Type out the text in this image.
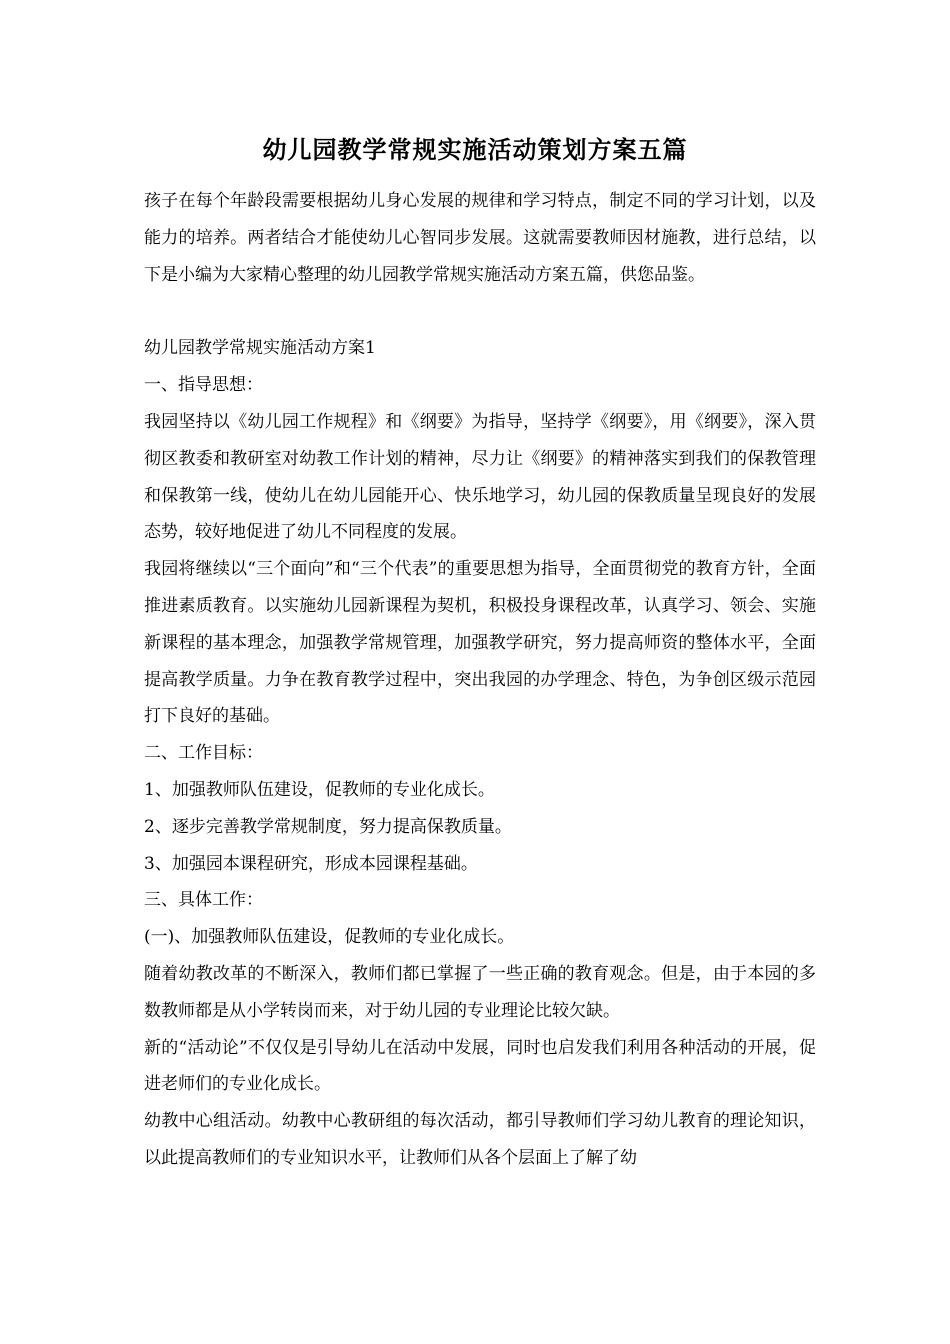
幼儿园教学常规实施活动策划方案五篇

孩子在每个年龄段需要根据幼儿身心发展的规律和学习特点，制定不同的学习计划，以及能力的培养。两者结合才能使幼儿心智同步发展。这就需要教师因材施教，进行总结，以下是小编为大家精心整理的幼儿园教学常规实施活动方案五篇，供您品鉴。

幼儿园教学常规实施活动方案1

一、指导思想：

我园坚持以《幼儿园工作规程》和《纲要》为指导，坚持学《纲要》，用《纲要》，深入贯彻区教委和教研室对幼教工作计划的精神，尽力让《纲要》的精神落实到我们的保教管理和保教第一线，使幼儿在幼儿园能开心、快乐地学习，幼儿园的保教质量呈现良好的发展态势，较好地促进了幼儿不同程度的发展。

我园将继续以“三个面向”和“三个代表”的重要思想为指导，全面贯彻党的教育方针，全面推进素质教育。以实施幼儿园新课程为契机，积极投身课程改革，认真学习、领会、实施新课程的基本理念，加强教学常规管理，加强教学研究，努力提高师资的整体水平，全面提高教学质量。力争在教育教学过程中，突出我园的办学理念、特色，为争创区级示范园打下良好的基础。

二、工作目标：

1、加强教师队伍建设，促教师的专业化成长。

2、逐步完善教学常规制度，努力提高保教质量。

3、加强园本课程研究，形成本园课程基础。

三、具体工作：

(一)、加强教师队伍建设，促教师的专业化成长。

随着幼教改革的不断深入，教师们都已掌握了一些正确的教育观念。但是，由于本园的多数教师都是从小学转岗而来，对于幼儿园的专业理论比较欠缺。

新的“活动论”不仅仅是引导幼儿在活动中发展，同时也启发我们利用各种活动的开展，促进老师们的专业化成长。

幼教中心组活动。幼教中心教研组的每次活动，都引导教师们学习幼儿教育的理论知识，以此提高教师们的专业知识水平，让教师们从各个层面上了解了幼
